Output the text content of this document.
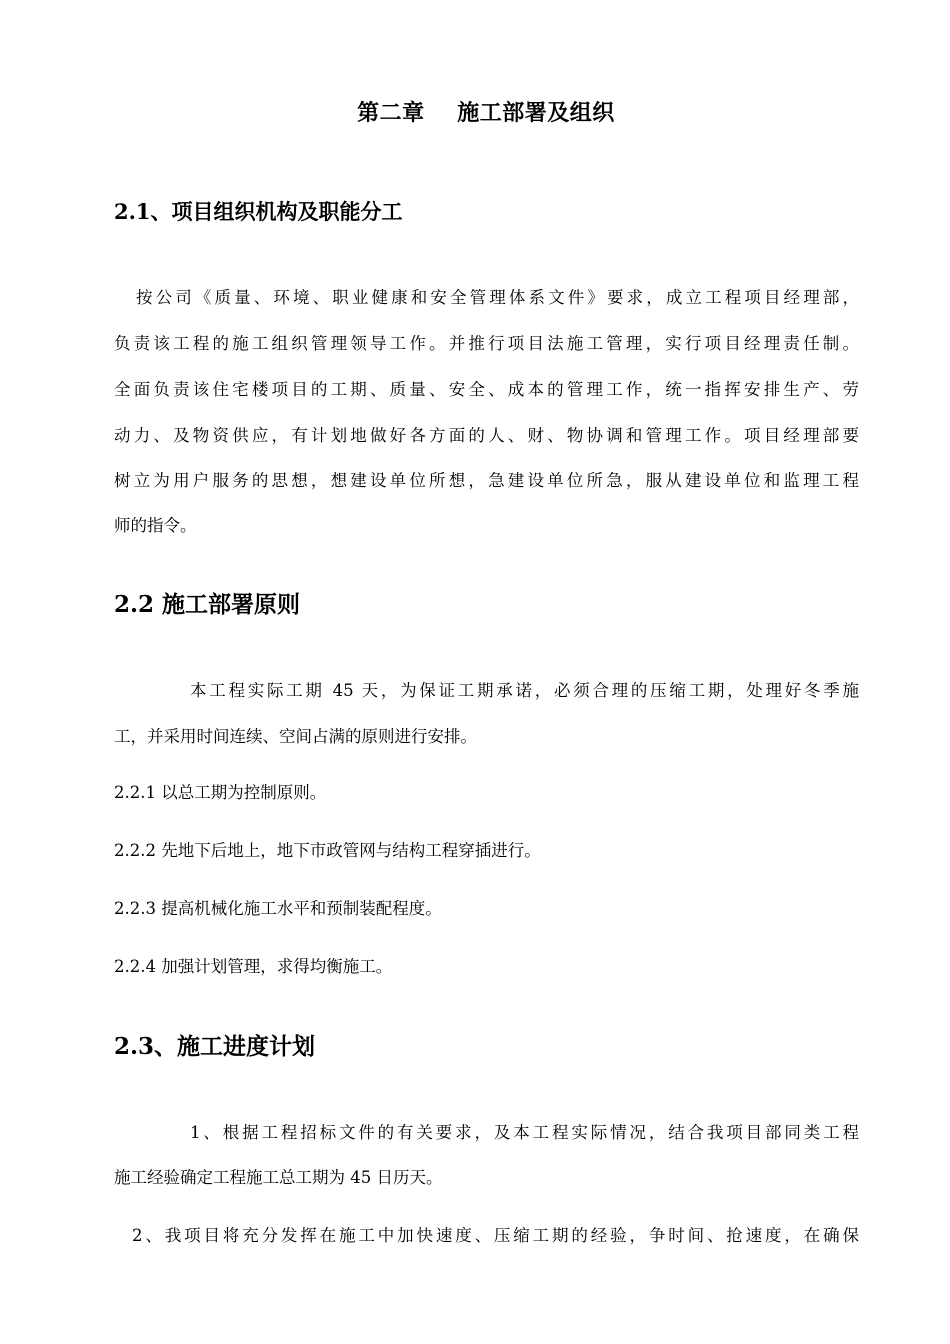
第二章    施工部署及组织
2.1、项目组织机构及职能分工
按公司《质量、环境、职业健康和安全管理体系文件》要求，成立工程项目经理部，
负责该工程的施工组织管理领导工作。并推行项目法施工管理，实行项目经理责任制。
全面负责该住宅楼项目的工期、质量、安全、成本的管理工作，统一指挥安排生产、劳
动力、及物资供应，有计划地做好各方面的人、财、物协调和管理工作。项目经理部要
树立为用户服务的思想，想建设单位所想，急建设单位所急，服从建设单位和监理工程
师的指令。
2.2 施工部署原则
本工程实际工期 45 天，为保证工期承诺，必须合理的压缩工期，处理好冬季施
工，并采用时间连续、空间占满的原则进行安排。
2.2.1 以总工期为控制原则。
2.2.2 先地下后地上，地下市政管网与结构工程穿插进行。
2.2.3 提高机械化施工水平和预制装配程度。
2.2.4 加强计划管理，求得均衡施工。
2.3、施工进度计划
1、根据工程招标文件的有关要求，及本工程实际情况，结合我项目部同类工程
施工经验确定工程施工总工期为 45 日历天。
2、我项目将充分发挥在施工中加快速度、压缩工期的经验，争时间、抢速度，在确保
